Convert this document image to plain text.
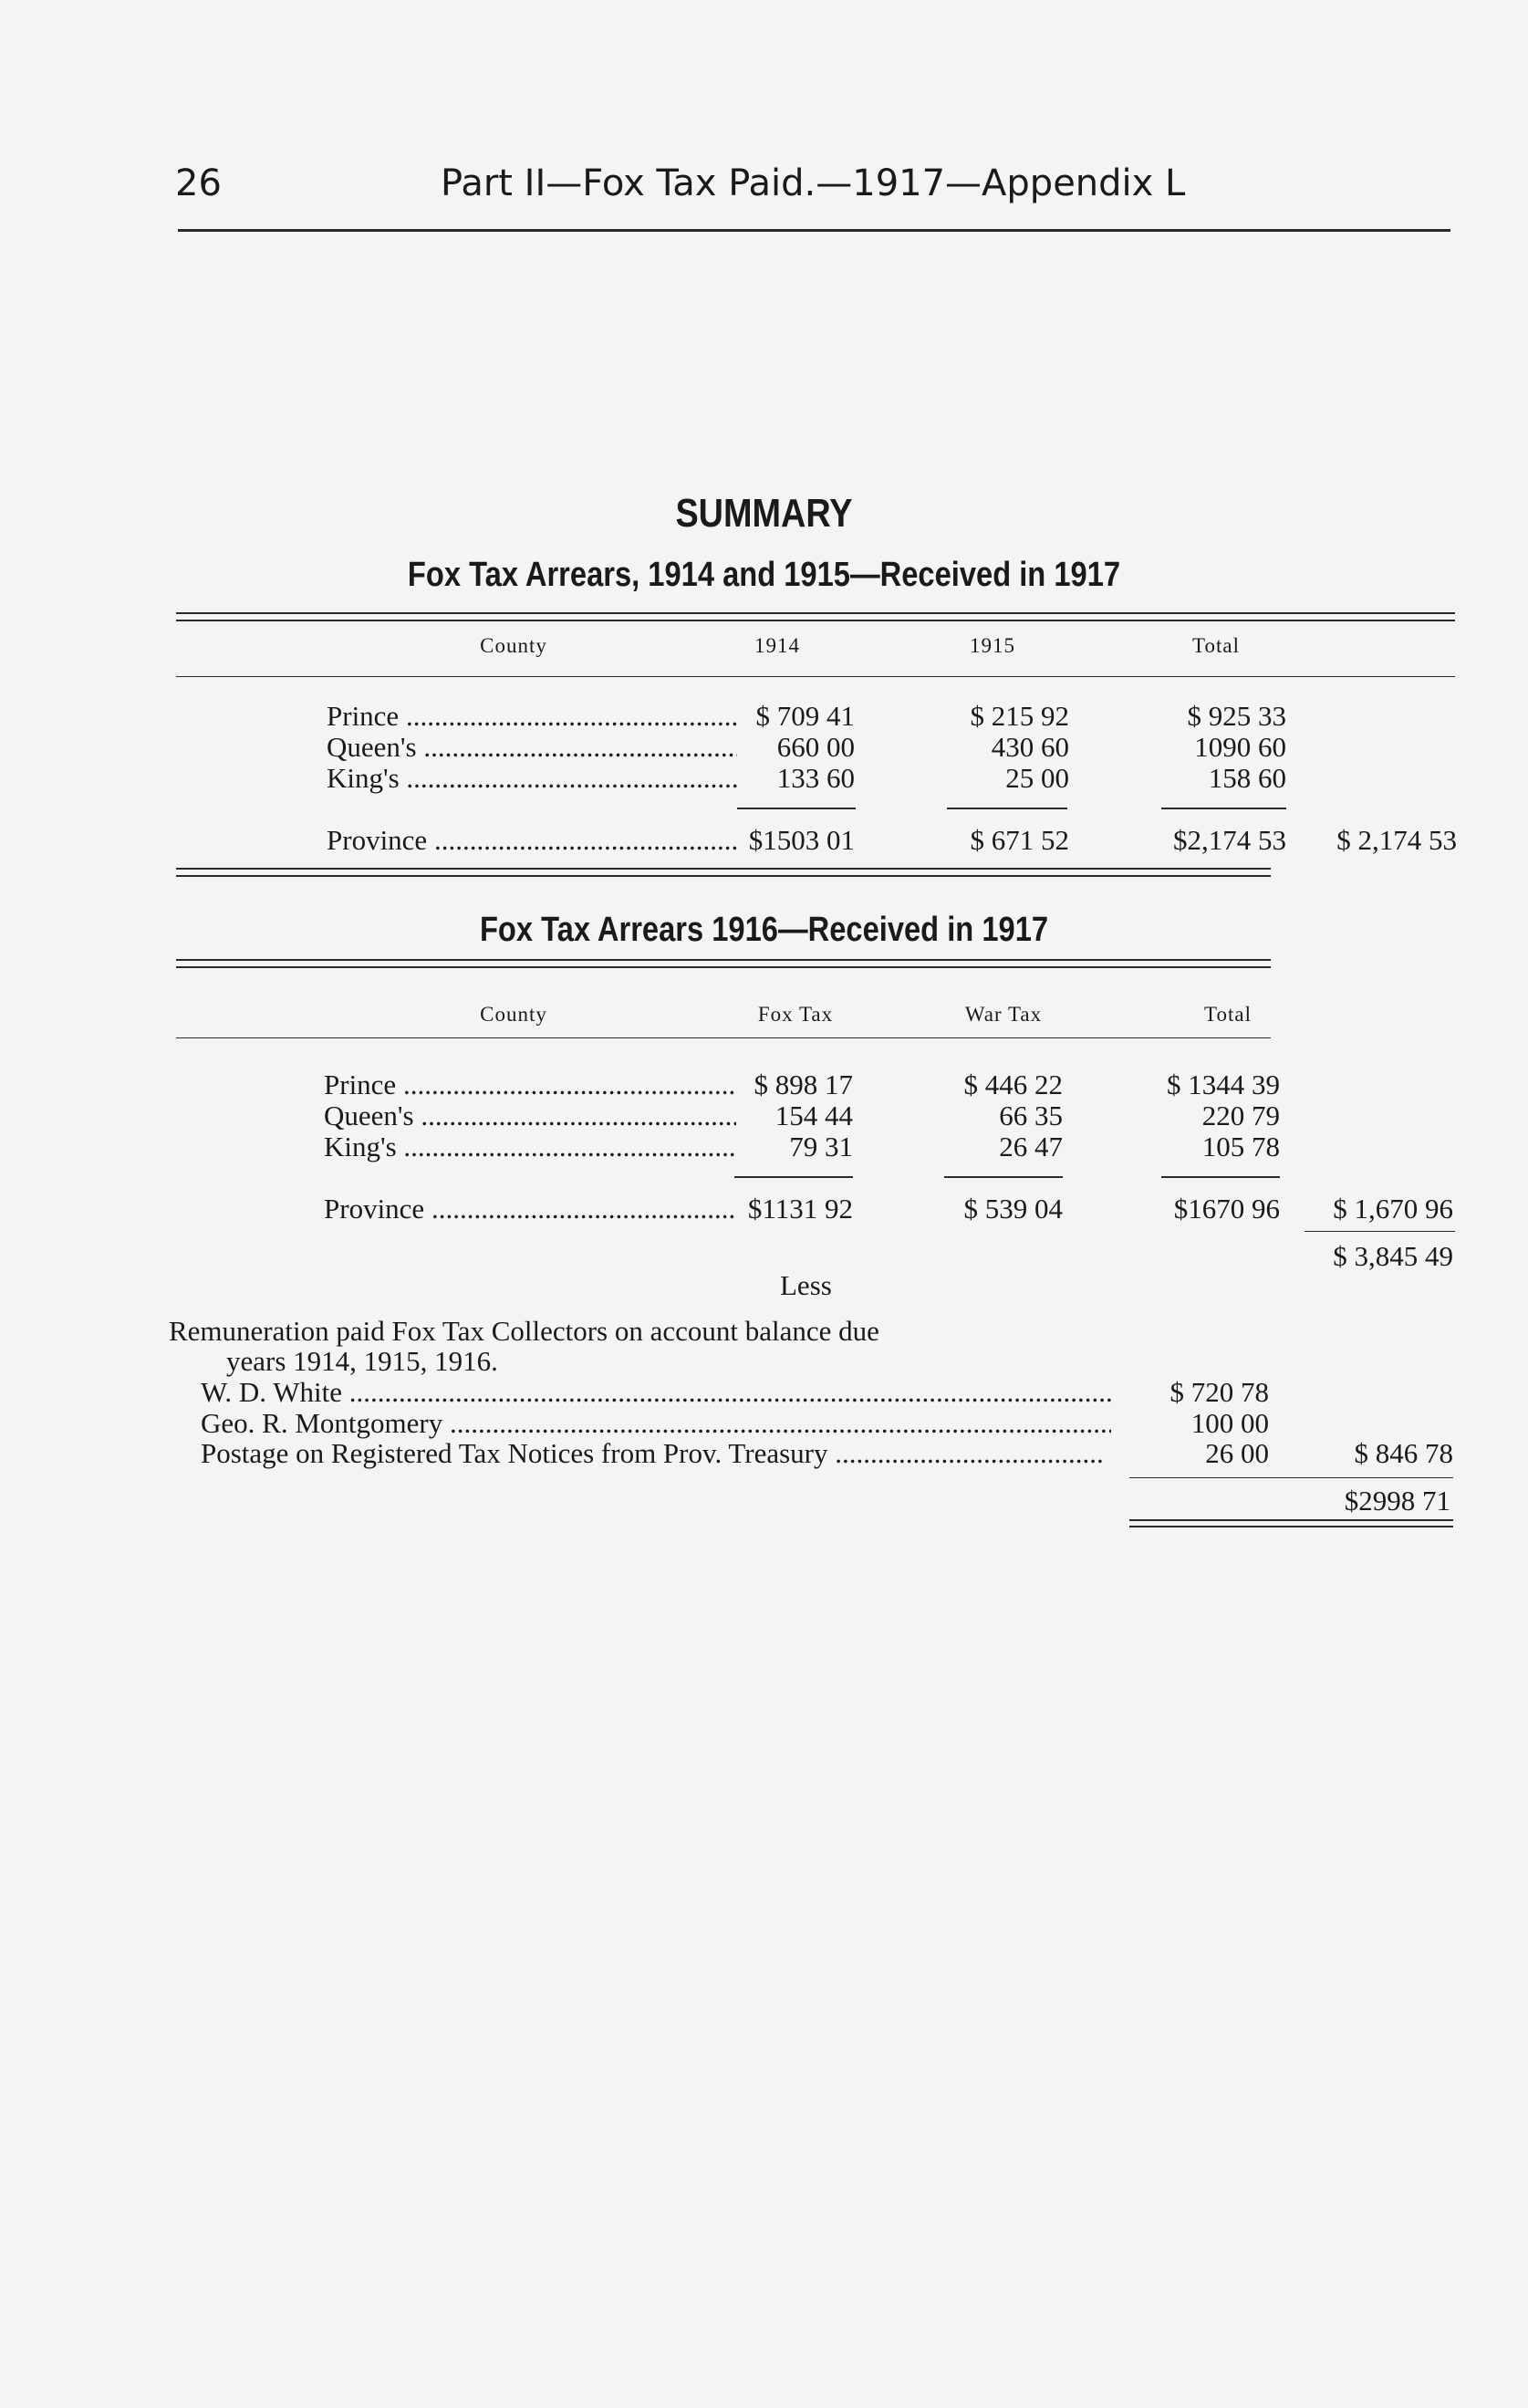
26	Part II—Fox Tax Paid.—1917—Appendix L
SUMMARY
Fox Tax Arrears, 1914 and 1915—Received in 1917
County	1914	1915	Total
Prince .....	$ 709 41	$ 215 92	$ 925 33
Queen's .....	660 00	430 60	1090 60
King's .....	133 60	25 00	158 60
Province .....	$1503 01	$ 671 52	$2,174 53 $ 2,174 53
Fox Tax Arrears 1916—Received in 1917
County	Fox Tax	War Tax	Total
Prince .....	$ 898 17	$ 446 22	$ 1344 39
Queen's .....	154 44	66 35	220 79
King's .....	79 31	26 47	105 78
Province .....	$1131 92	$ 539 04	$1670 96 $ 1,670 96
$ 3,845 49
Less
Remuneration paid Fox Tax Collectors on account balance due
years 1914, 1915, 1916.
W. D. White .....	$ 720 78
Geo. R. Montgomery .....	100 00
Postage on Registered Tax Notices from Prov. Treasury .....	26 00	$ 846 78
$2998 71
